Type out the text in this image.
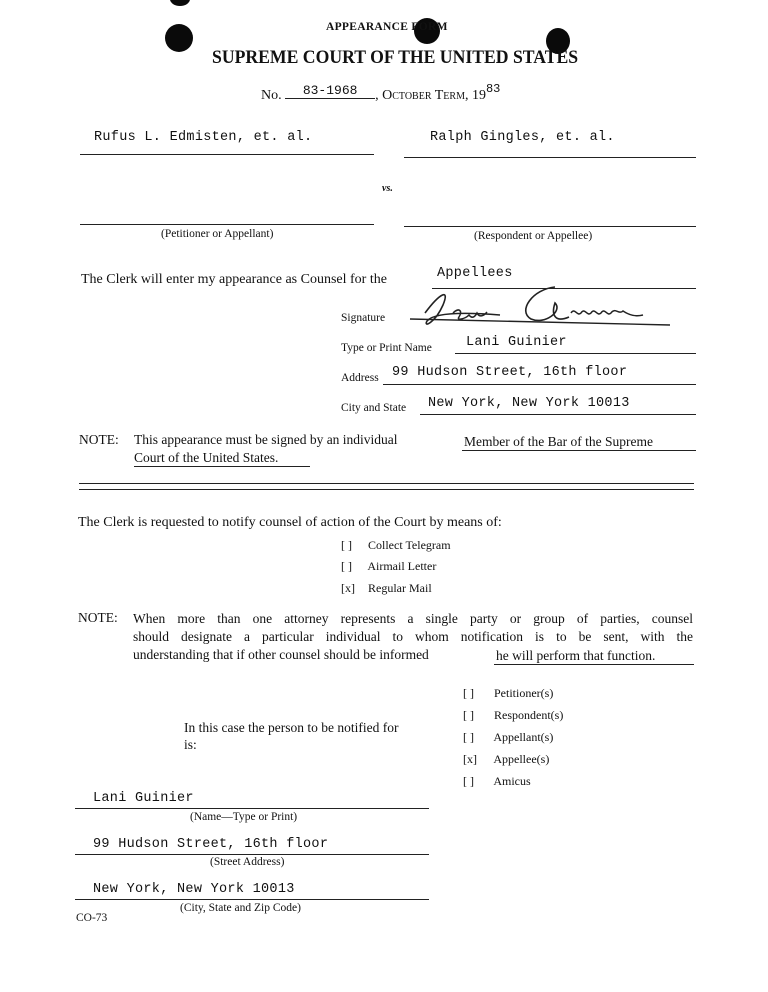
APPEARANCE FORM
SUPREME COURT OF THE UNITED STATES
No. 83-1968 , October Term, 1983
Rufus L. Edmisten, et. al.	Ralph Gingles, et. al.
vs.
(Petitioner or Appellant)	(Respondent or Appellee)
The Clerk will enter my appearance as Counsel for the	Appellees
Signature
Type or Print Name	Lani Guinier
Address 99 Hudson Street, 16th floor
City and State New York, New York 10013
NOTE: This appearance must be signed by an individual	Member of the Bar of the Supreme
Court of the United States.
The Clerk is requested to notify counsel of action of the Court by means of:
[ ] Collect Telegram
[ ] Airmail Letter
[x] Regular Mail
NOTE: When more than one attorney represents a single party or group of parties, counsel
should designate a particular individual to whom notification is to be sent, with the
understanding that if other counsel should be informed	he will perform that function.
In this case the person to be notified for
is:
[ ] Petitioner(s)
[ ] Respondent(s)
[ ] Appellant(s)
[x] Appellee(s)
[ ] Amicus
Lani Guinier
(Name—Type or Print)
99 Hudson Street, 16th floor
(Street Address)
New York, New York 10013
(City, State and Zip Code)
CO-73
